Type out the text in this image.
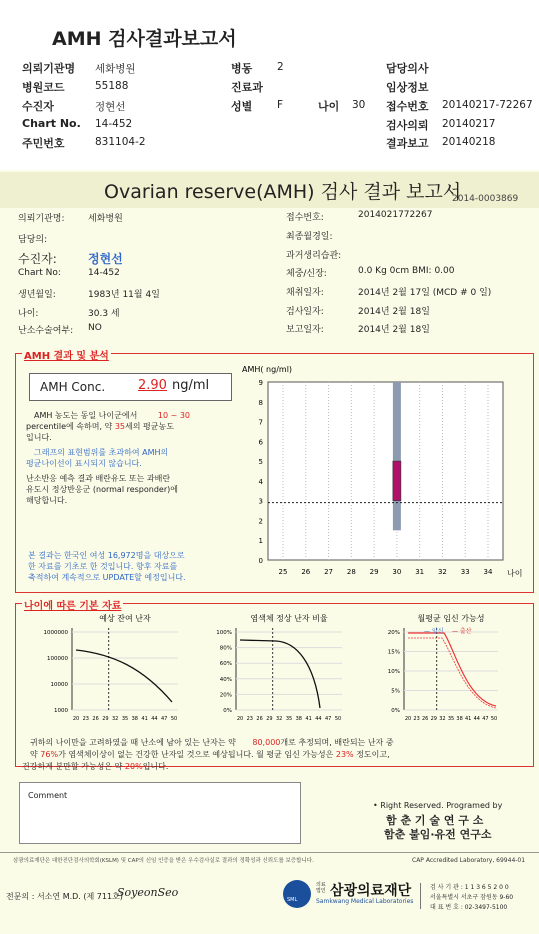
AMH 검사결과보고서
의뢰기관명 세화병원	병동 2	담당의사
병원코드	55188	진료과	임상정보
수진자	정현선	성별 F	나이 30 접수번호 20140217-72267
Chart No. 14-452	검사의뢰 20140217
주민번호	831104-2	결과보고 20140218
Ovarian reserve(AMH) 검사 결과 보고서
2014-0003869
의뢰기관명:	세화병원
담당의:
수진자:	정현선
Chart No:	14-452
생년월일:	1983년 11월 4일
나이:	30.3 세
난소수술여부: NO
접수번호:	2014021772267
최종월경일:
과거생리습관:
체중/신장:	0.0 Kg 0cm BMI: 0.00
채취일자:	2014년 2월 17일 (MCD # 0 일)
검사일자:	2014년 2월 18일
보고일자:	2014년 2월 18일
AMH 결과 및 분석
AMH Conc.	2.90 ng/ml
AMH 농도는 동일 나이군에서	10 ~ 30
percentile에 속하며, 약 35세의 평균농도
입니다.
그래프의 표현범위를 초과하여 AMH의
평균나이선이 표시되지 않습니다.
난소반응 예측 결과 배란유도 또는 과배란
유도시 정상반응군 (normal responder)에
해당합니다.
본 결과는 한국인 여성 16,972명을 대상으로
한 자료를 기초로 한 것입니다. 향후 자료를
축적하여 계속적으로 UPDATE할 예정입니다.
AMH( ng/ml)
25 26 27 28 29 30 31 32 33 34
0
1
2
3
4
5
6
7
8
9
나이
나이에 따른 기본 자료
예상 잔여 난자
1000000
100000
10000
1000
20 23 26 29 32 35 38 41 44 47 50
염색체 정상 난자 비율
100%
80%
60%
40%
20%
0%
20 23 26 29 32 35 38 41 44 47 50
월평균 임신 가능성
20%
15%
10%
5%
0%
20 23 26 29 32 35 38 41 44 47 50
— 임신 — 출산
귀하의 나이만을 고려하였을 때 난소에 남아 있는 난자는 약 80,000개로 추정되며, 배란되는 난자 중
약 76%가 염색체이상이 없는 건강한 난자일 것으로 예상됩니다. 월 평균 임신 가능성은 23% 정도이고,
건강하게 분만할 가능성은 약 20%입니다.
Comment
• Right Reserved. Programed by
함 춘 기 술 연 구 소
함춘 불임·유전 연구소
삼광의료재단은 대한진단검사의학회(KSLM) 및 CAP의 신임 인증을 받은 우수검사실로 결과의 정확성과 신뢰도를 보증합니다.	CAP Accredited Laboratory, 69944-01
전문의 : 서소연 M.D. (제 711호)
SoyeonSeo
SML
의료법인 삼광의료재단
Samkwang Medical Laboratories
검 사 기 관 : 1 1 3 6 5 2 0 0
서울특별시 서초구 잠원동 9-60
대 표 번 호 : 02-3497-5100
